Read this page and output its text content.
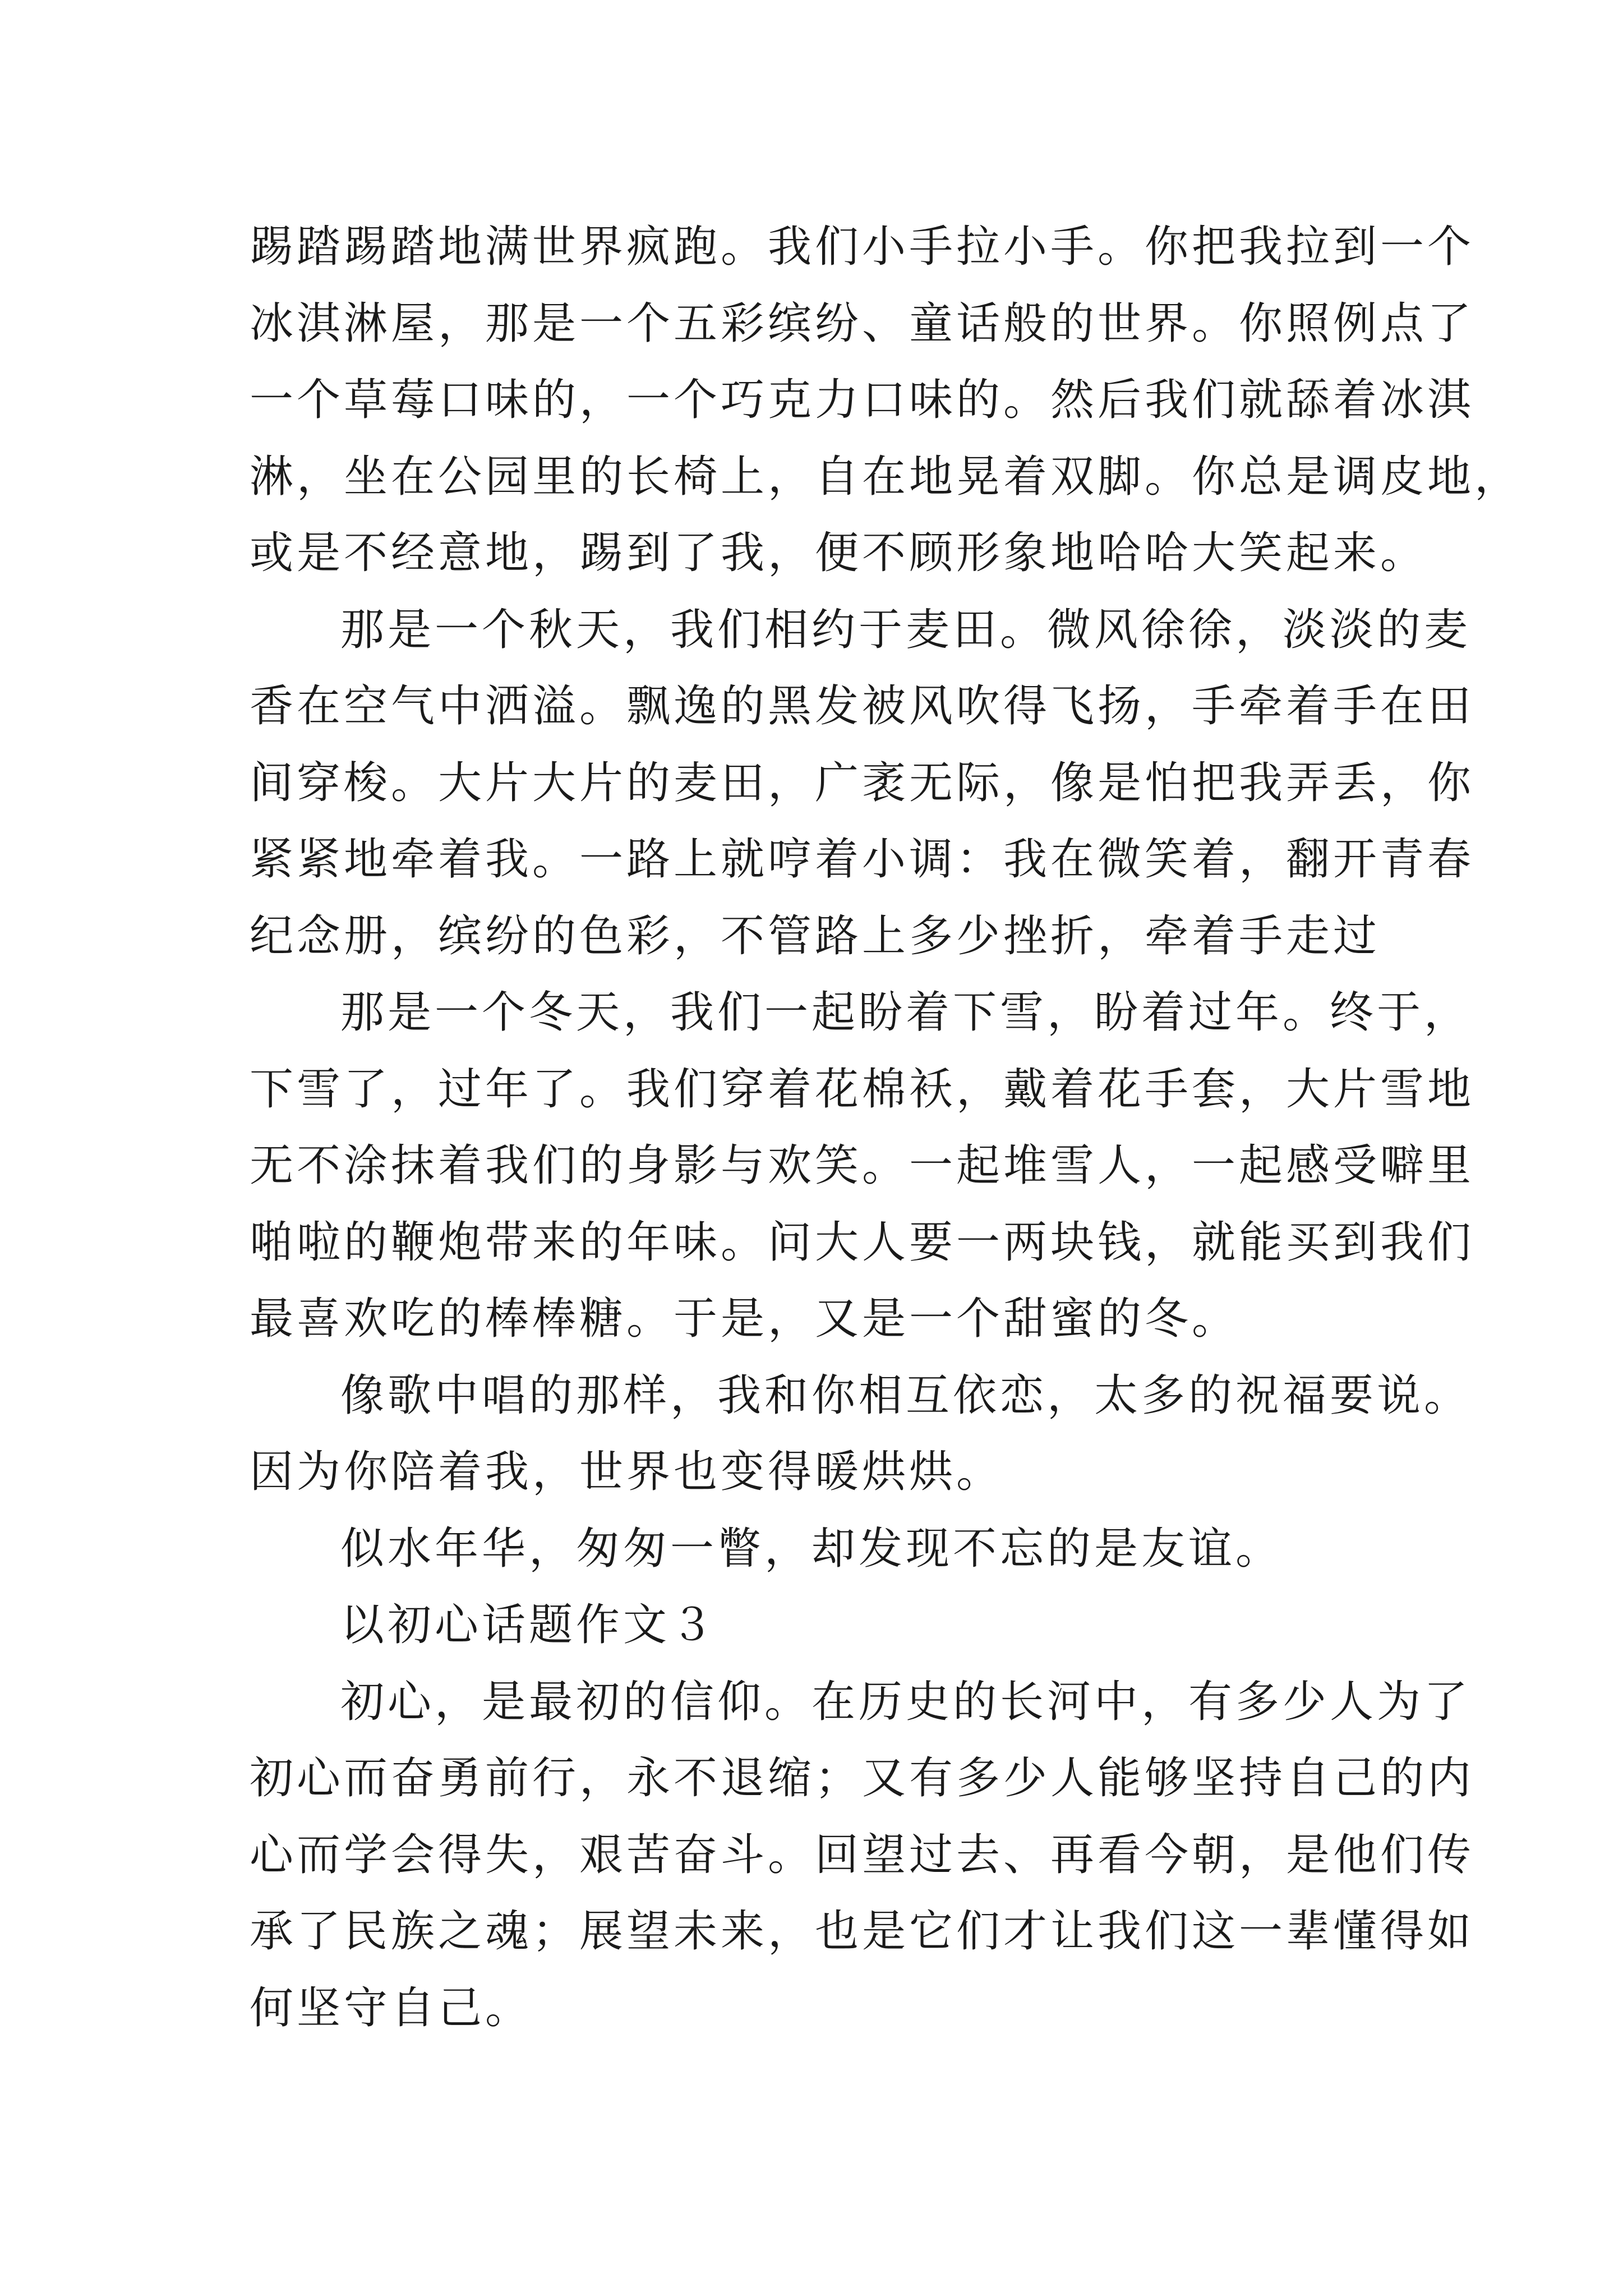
踢踏踢踏地满世界疯跑。我们小手拉小手。你把我拉到一个
冰淇淋屋，那是一个五彩缤纷、童话般的世界。你照例点了
一个草莓口味的，一个巧克力口味的。然后我们就舔着冰淇
淋，坐在公园里的长椅上，自在地晃着双脚。你总是调皮地，
或是不经意地，踢到了我，便不顾形象地哈哈大笑起来。

那是一个秋天，我们相约于麦田。微风徐徐，淡淡的麦
香在空气中洒溢。飘逸的黑发被风吹得飞扬，手牵着手在田
间穿梭。大片大片的麦田，广袤无际，像是怕把我弄丢，你
紧紧地牵着我。一路上就哼着小调：我在微笑着，翻开青春
纪念册，缤纷的色彩，不管路上多少挫折，牵着手走过

那是一个冬天，我们一起盼着下雪，盼着过年。终于，
下雪了，过年了。我们穿着花棉袄，戴着花手套，大片雪地
无不涂抹着我们的身影与欢笑。一起堆雪人，一起感受噼里
啪啦的鞭炮带来的年味。问大人要一两块钱，就能买到我们
最喜欢吃的棒棒糖。于是，又是一个甜蜜的冬。

像歌中唱的那样，我和你相互依恋，太多的祝福要说。
因为你陪着我，世界也变得暖烘烘。

似水年华，匆匆一瞥，却发现不忘的是友谊。

以初心话题作文３

初心，是最初的信仰。在历史的长河中，有多少人为了
初心而奋勇前行，永不退缩；又有多少人能够坚持自己的内
心而学会得失，艰苦奋斗。回望过去、再看今朝，是他们传
承了民族之魂；展望未来，也是它们才让我们这一辈懂得如
何坚守自己。
